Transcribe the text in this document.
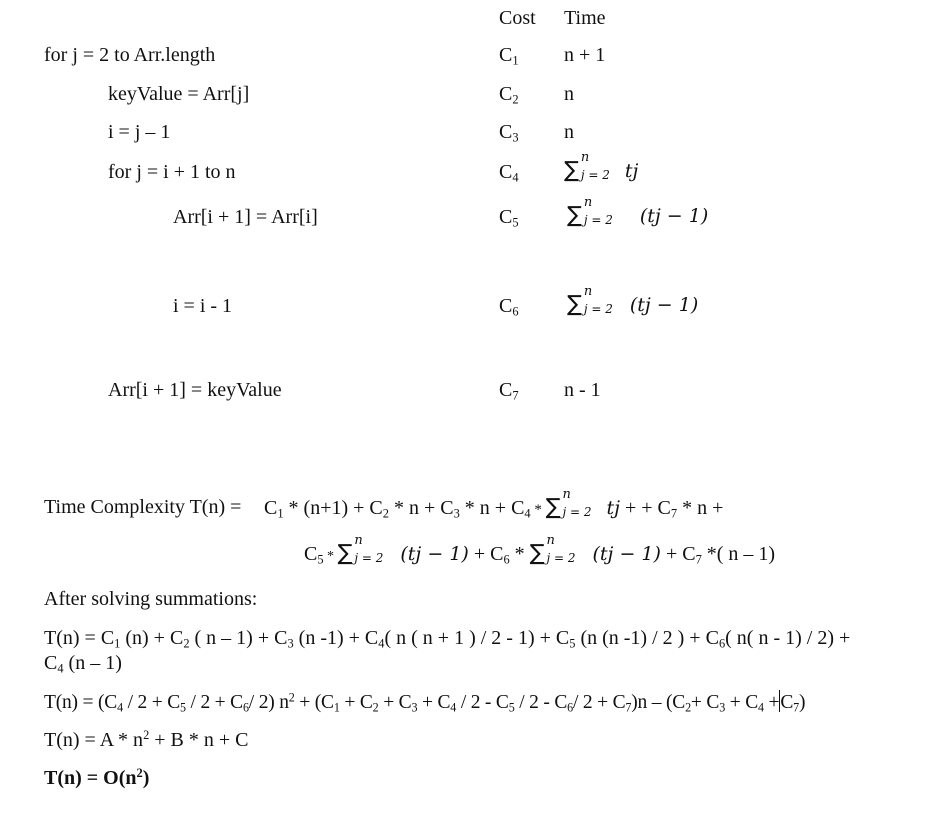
Cost Time
for j = 2 to Arr.length	$C_1$ n + 1
keyValue = Arr[j]	$C_2$ n
i = j – 1	$C_3$ n
for j = i + 1 to n	$C_4$ ∑
n
j = 2 tj
Arr[i + 1] = Arr[i]	$C_5$ ∑
n
j = 2 (tj − 1)
i = i - 1	$C_6$ ∑
n
j = 2 (tj − 1)
Arr[i + 1] = keyValue	$C_7$ n - 1
Time Complexity $T(n) = C_1 * (n+1) + C_2 * n + C_3 * n + C_4$ * ∑
n
j = 2 tj + + $C_7$ * n +
$C_5$ * ∑
n
j = 2 $(tj - 1) + C_6$ * ∑
n
j = 2 $(tj - 1) + C_7$ *( n – 1)
After solving summations:
$T(n) = C_1$ $(n) + C_2$ ( $n - 1) + C_3$ (n $-1) + C_4$( n ( n + 1 ) / $2 - 1) + C_5$ (n (n -1) / 2 ) + $C_6$( n( n - 1) / 2) +
$C_4$ (n – 1)
$T(n) = (C_4 / 2 + C_5 / 2 + C_6/$ 2) $n^2 + (C_1 + C_2 + C_3 + C_4 / 2 - C_5 / 2 - C_6/$ $2 + C_7)n - (C_2+ C_3 + C_4 +C_7)$
$T(n) = A * n^2 + B * n + C$
$T(n) = O(n^2)$
